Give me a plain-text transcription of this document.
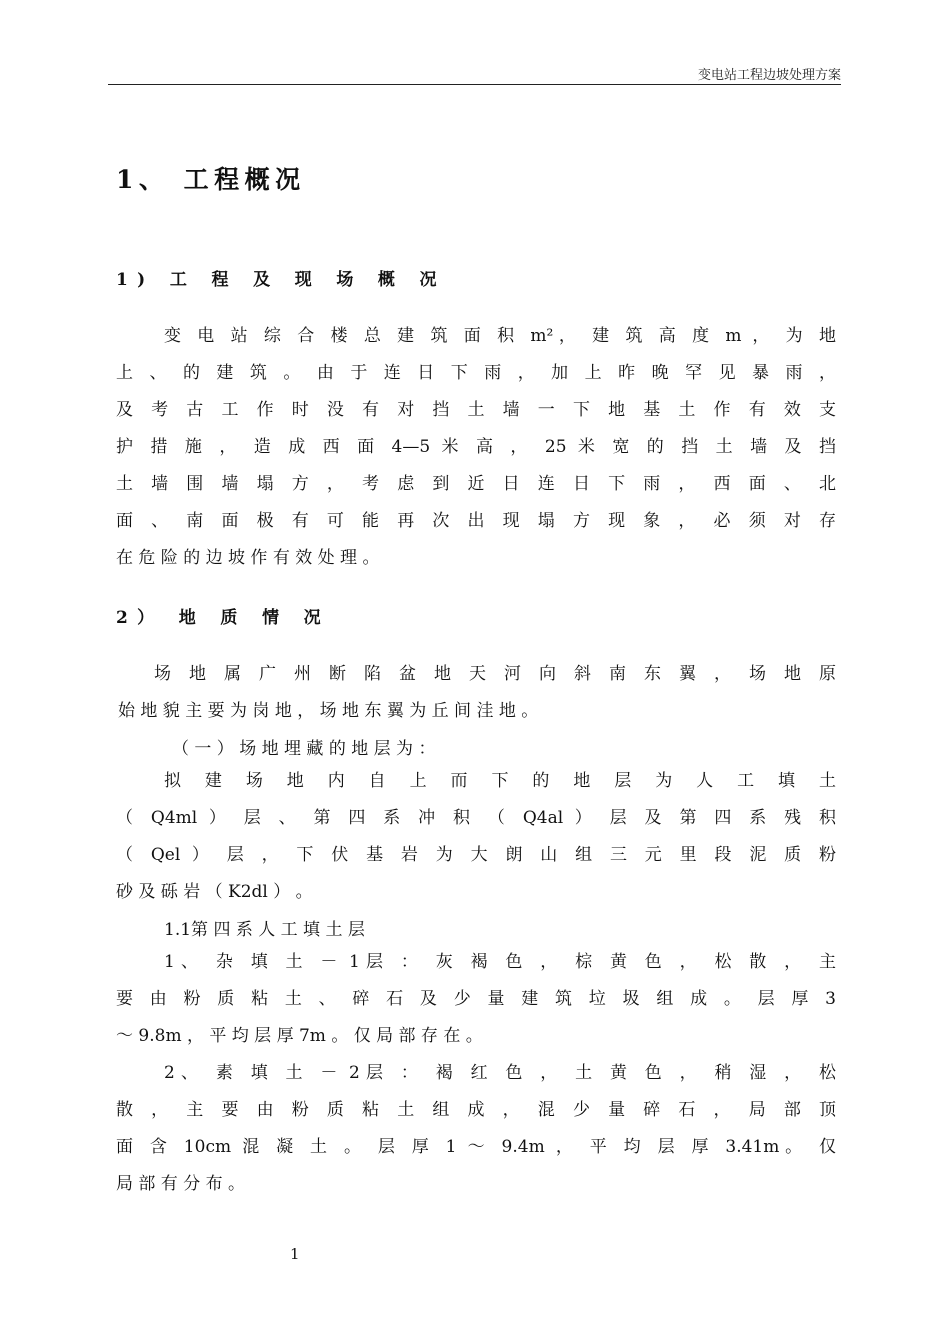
变电站工程边坡处理方案
1、 工程概况
1) 工 程 及 现 场 概 况
变 电 站 综 合 楼 总 建 筑 面 积 m²， 建 筑 高 度 m ， 为 地
上 、 的 建 筑 。 由 于 连 日 下 雨 ， 加 上 昨 晚 罕 见 暴 雨 ，
及 考 古 工 作 时 没 有 对 挡 土 墙 一 下 地 基 土 作 有 效 支
护 措 施 ， 造 成 西 面 4—5 米 高 ， 25 米 宽 的 挡 土 墙 及 挡
土 墙 围 墙 塌 方 ， 考 虑 到 近 日 连 日 下 雨 ， 西 面 、 北
面 、 南 面 极 有 可 能 再 次 出 现 塌 方 现 象 ， 必 须 对 存
在 危 险 的 边 坡 作 有 效 处 理 。
2） 地 质 情 况
场 地 属 广 州 断 陷 盆 地 天 河 向 斜 南 东 翼 ， 场 地 原
始 地 貌 主 要 为 岗 地 ， 场 地 东 翼 为 丘 间 洼 地 。
（ 一 ） 场 地 埋 藏 的 地 层 为 ：
拟 建 场 地 内 自 上 而 下 的 地 层 为 人 工 填 土
（ Q4ml ） 层 、 第 四 系 冲 积 （ Q4al ） 层 及 第 四 系 残 积
（ Qel ） 层 ， 下 伏 基 岩 为 大 朗 山 组 三 元 里 段 泥 质 粉
砂 及 砾 岩 （ K2dl ） 。
1.1第 四 系 人 工 填 土 层
1、 杂 填 土 － 1层 ： 灰 褐 色 ， 棕 黄 色 ， 松 散 ， 主
要 由 粉 质 粘 土 、 碎 石 及 少 量 建 筑 垃 圾 组 成 。 层 厚 3
～ 9.8m ， 平 均 层 厚 7m 。 仅 局 部 存 在 。
2、 素 填 土 － 2层 ： 褐 红 色 ， 土 黄 色 ， 稍 湿 ， 松
散 ， 主 要 由 粉 质 粘 土 组 成 ， 混 少 量 碎 石 ， 局 部 顶
面 含 10cm 混 凝 土 。 层 厚 1 ～ 9.4m ， 平 均 层 厚 3.41m。 仅
局 部 有 分 布 。
1
